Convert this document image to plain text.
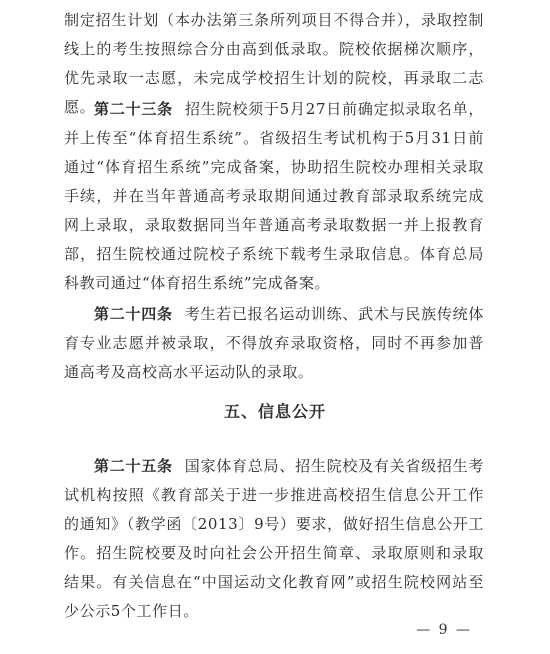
制定招生计划（本办法第三条所列项目不得合并），录取控制线上的考生按照综合分由高到低录取。院校依据梯次顺序，优先录取一志愿，未完成学校招生计划的院校，再录取二志愿。

第二十三条 招生院校须于5月27日前确定拟录取名单，并上传至“体育招生系统”。省级招生考试机构于5月31日前通过“体育招生系统”完成备案，协助招生院校办理相关录取手续，并在当年普通高考录取期间通过教育部录取系统完成网上录取，录取数据同当年普通高考录取数据一并上报教育部，招生院校通过院校子系统下载考生录取信息。体育总局科教司通过“体育招生系统”完成备案。

第二十四条 考生若已报名运动训练、武术与民族传统体育专业志愿并被录取，不得放弃录取资格，同时不再参加普通高考及高校高水平运动队的录取。

五、信息公开

第二十五条 国家体育总局、招生院校及有关省级招生考试机构按照《教育部关于进一步推进高校招生信息公开工作的通知》（教学函〔2013〕9号）要求，做好招生信息公开工作。招生院校要及时向社会公开招生简章、录取原则和录取结果。有关信息在“中国运动文化教育网”或招生院校网站至少公示5个工作日。

— 9 —
